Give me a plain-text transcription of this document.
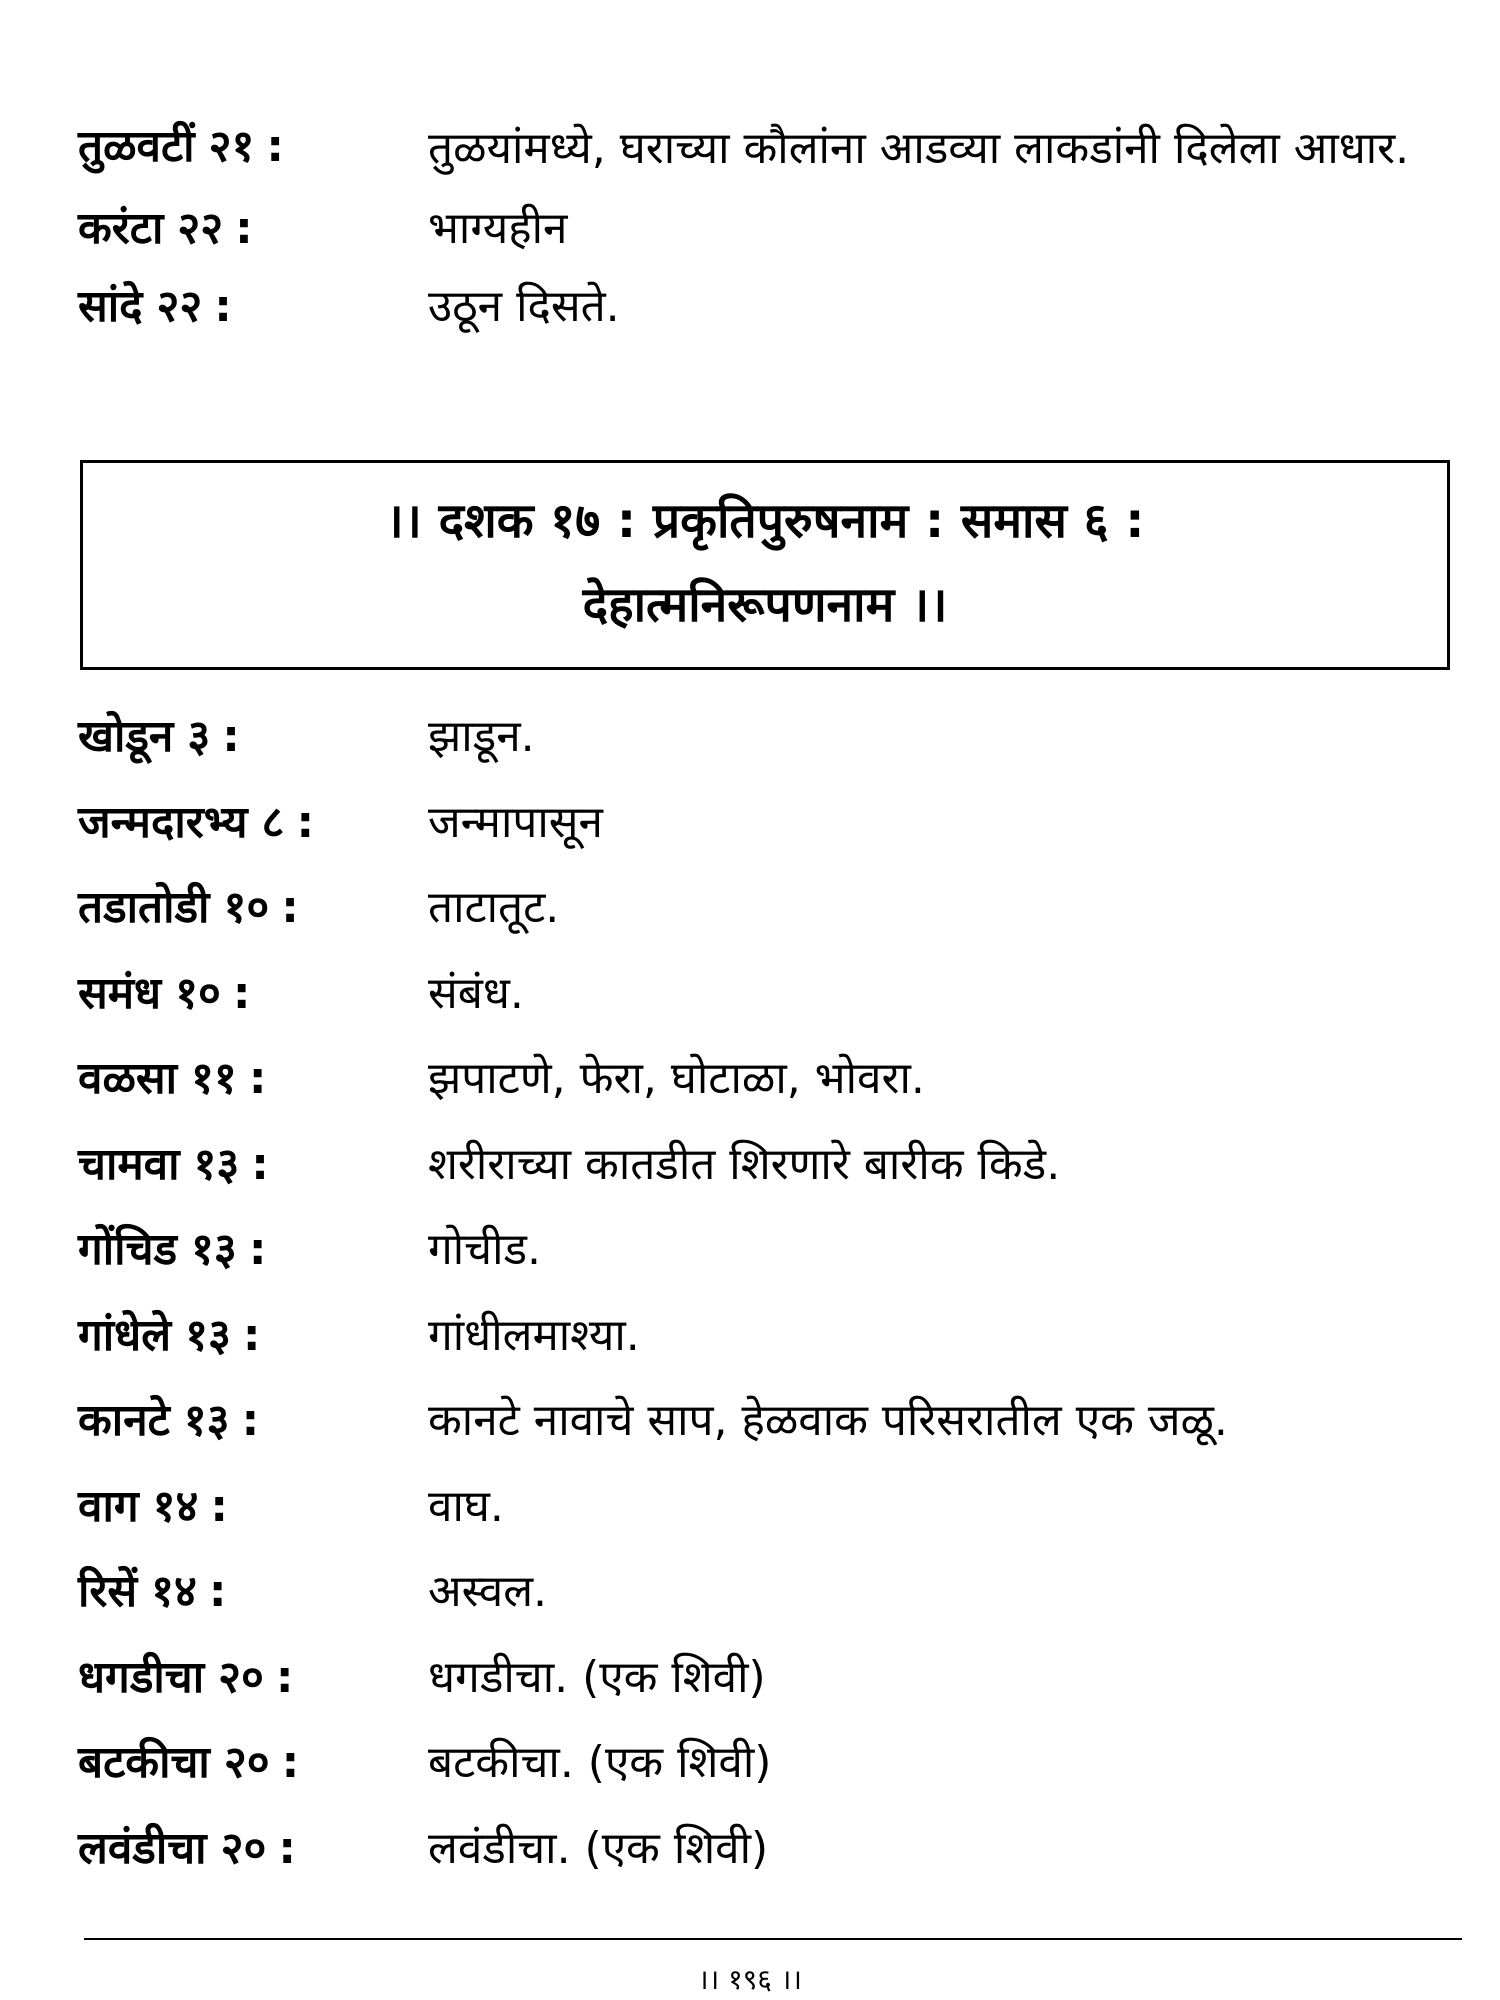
तुळवटीं २१ :	तुळयांमध्ये, घराच्या कौलांना आडव्या लाकडांनी दिलेला आधार.
करंटा २२ :	भाग्यहीन
सांदे २२ :	उठून दिसते.
।। दशक १७ : प्रकृतिपुरुषनाम : समास ६ :
देहात्मनिरूपणनाम ।।
खोडून ३ :	झाडून.
जन्मदारभ्य ८ :	जन्मापासून
तडातोडी १० :	ताटातूट.
समंध १० :	संबंध.
वळसा ११ :	झपाटणे, फेरा, घोटाळा, भोवरा.
चामवा १३ :	शरीराच्या कातडीत शिरणारे बारीक किडे.
गोंचिड १३ :	गोचीड.
गांधेले १३ :	गांधीलमाश्या.
कानटे १३ :	कानटे नावाचे साप, हेळवाक परिसरातील एक जळू.
वाग १४ :	वाघ.
रिसें १४ :	अस्वल.
धगडीचा २० :	धगडीचा. (एक शिवी)
बटकीचा २० :	बटकीचा. (एक शिवी)
लवंडीचा २० :	लवंडीचा. (एक शिवी)
।। १९६ ।।
